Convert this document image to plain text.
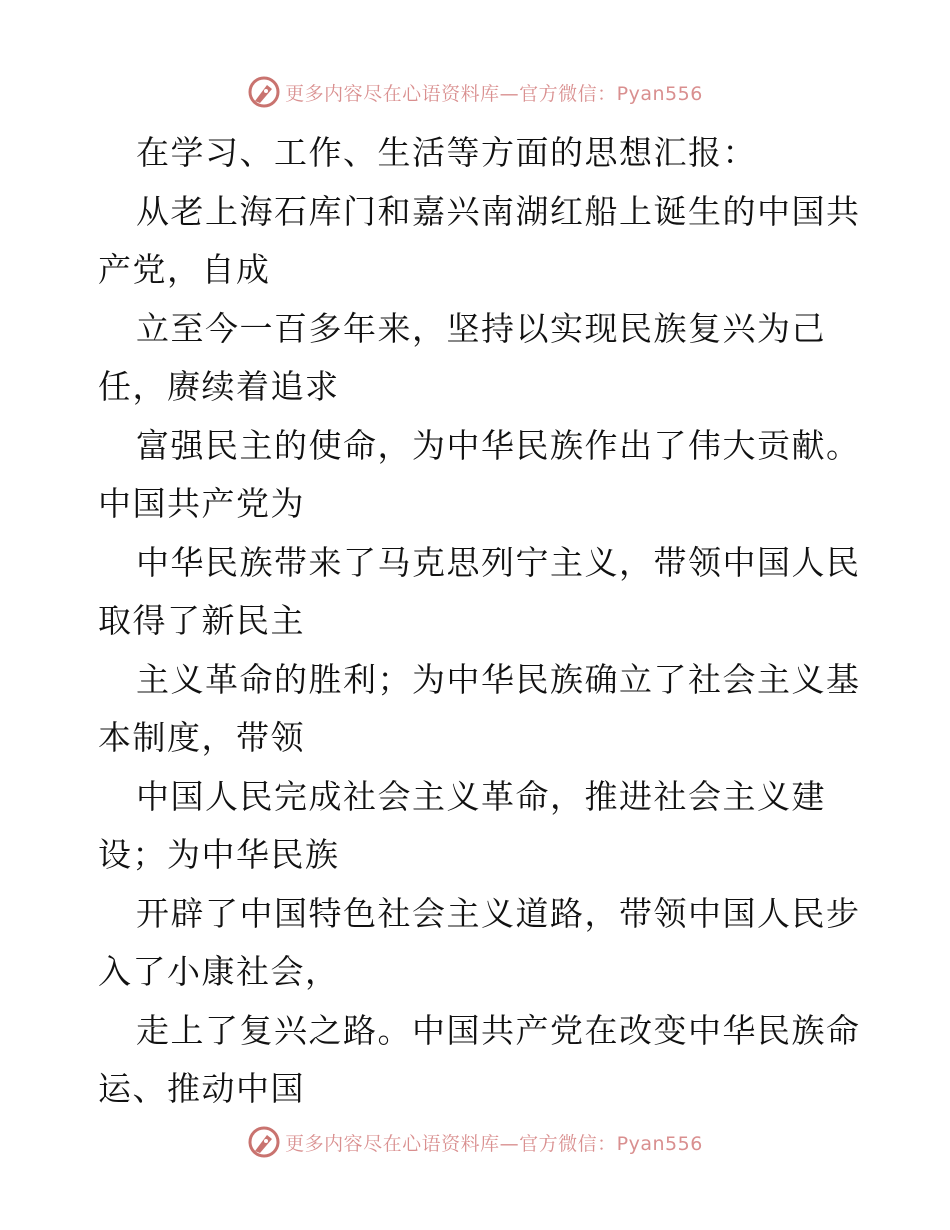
更多内容尽在心语资料库—官方微信：Pyan556
在学习、工作、生活等方面的思想汇报：
从老上海石库门和嘉兴南湖红船上诞生的中国共
产党，自成
立至今一百多年来，坚持以实现民族复兴为己
任，赓续着追求
富强民主的使命，为中华民族作出了伟大贡献。
中国共产党为
中华民族带来了马克思列宁主义，带领中国人民
取得了新民主
主义革命的胜利；为中华民族确立了社会主义基
本制度，带领
中国人民完成社会主义革命，推进社会主义建
设；为中华民族
开辟了中国特色社会主义道路，带领中国人民步
入了小康社会，
走上了复兴之路。中国共产党在改变中华民族命
运、推动中国
更多内容尽在心语资料库—官方微信：Pyan556
